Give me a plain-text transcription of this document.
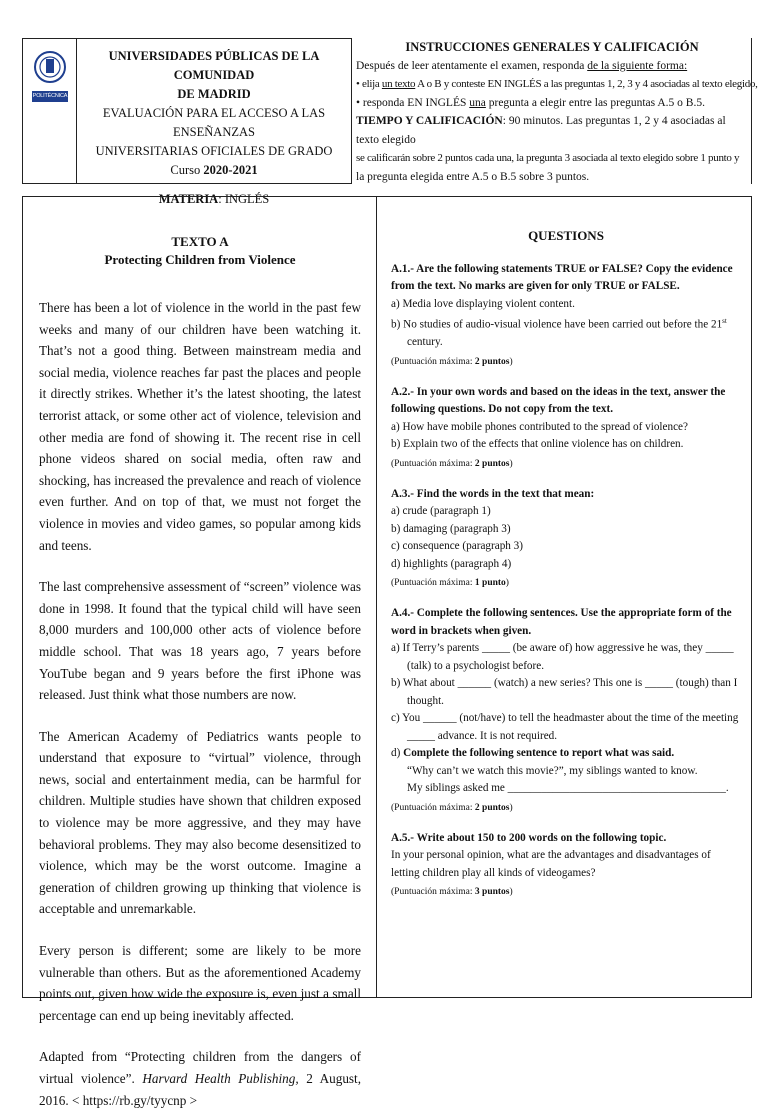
POLITÉCNICA
UNIVERSIDADES PÚBLICAS DE LA COMUNIDAD
DE MADRID
EVALUACIÓN PARA EL ACCESO A LAS ENSEÑANZAS
UNIVERSITARIAS OFICIALES DE GRADO
Curso 2020-2021
MATERIA: INGLÉS
INSTRUCCIONES GENERALES Y CALIFICACIÓN
Después de leer atentamente el examen, responda de la siguiente forma:
• elija un texto A o B y conteste EN INGLÉS a las preguntas 1, 2, 3 y 4 asociadas al texto elegido,
• responda EN INGLÉS una pregunta a elegir entre las preguntas A.5 o B.5.
TIEMPO Y CALIFICACIÓN: 90 minutos. Las preguntas 1, 2 y 4 asociadas al texto elegido
se calificarán sobre 2 puntos cada una, la pregunta 3 asociada al texto elegido sobre 1 punto y
la pregunta elegida entre A.5 o B.5 sobre 3 puntos.
TEXTO A
Protecting Children from Violence

There has been a lot of violence in the world in the past few weeks and many of our children have been watching it. That’s not a good thing. Between mainstream media and social media, violence reaches far past the places and people it directly strikes. Whether it’s the latest shooting, the latest terrorist attack, or some other act of violence, television and other media are fond of showing it. The recent rise in cell phone videos shared on social media, often raw and shocking, has increased the prevalence and reach of violence even further. And on top of that, we must not forget the violence in movies and video games, so popular among kids and teens.

The last comprehensive assessment of “screen” violence was done in 1998. It found that the typical child will have seen 8,000 murders and 100,000 other acts of violence before middle school. That was 18 years ago, 7 years before YouTube began and 9 years before the first iPhone was released. Just think what those numbers are now.

The American Academy of Pediatrics wants people to understand that exposure to “virtual” violence, through news, social and entertainment media, can be harmful for children. Multiple studies have shown that children exposed to violence may be more aggressive, and they may have behavioral problems. They may also become desensitized to violence, which may be the worst outcome. Imagine a generation of children growing up thinking that violence is acceptable and unremarkable.

Every person is different; some are likely to be more vulnerable than others. But as the aforementioned Academy points out, given how wide the exposure is, even just a small percentage can end up being inevitably affected.

Adapted from “Protecting children from the dangers of virtual violence”. Harvard Health Publishing, 2 August, 2016. < https://rb.gy/tyycnp >
QUESTIONS
A.1.- Are the following statements TRUE or FALSE? Copy the evidence from the text. No marks are given for only TRUE or FALSE.
a) Media love displaying violent content.
b) No studies of audio-visual violence have been carried out before the 21st century.
(Puntuación máxima: 2 puntos)
A.2.- In your own words and based on the ideas in the text, answer the following questions. Do not copy from the text.
a) How have mobile phones contributed to the spread of violence?
b) Explain two of the effects that online violence has on children.
(Puntuación máxima: 2 puntos)
A.3.- Find the words in the text that mean:
a) crude (paragraph 1)
b) damaging (paragraph 3)
c) consequence (paragraph 3)
d) highlights (paragraph 4)
(Puntuación máxima: 1 punto)
A.4.- Complete the following sentences. Use the appropriate form of the word in brackets when given.
a) If Terry’s parents _____ (be aware of) how aggressive he was, they _____ (talk) to a psychologist before.
b) What about ______ (watch) a new series? This one is _____ (tough) than I thought.
c) You ______ (not/have) to tell the headmaster about the time of the meeting _____ advance. It is not required.
d) Complete the following sentence to report what was said.
“Why can’t we watch this movie?”, my siblings wanted to know.
My siblings asked me _______________________________________.
(Puntuación máxima: 2 puntos)
A.5.- Write about 150 to 200 words on the following topic.
In your personal opinion, what are the advantages and disadvantages of letting children play all kinds of videogames?
(Puntuación máxima: 3 puntos)
